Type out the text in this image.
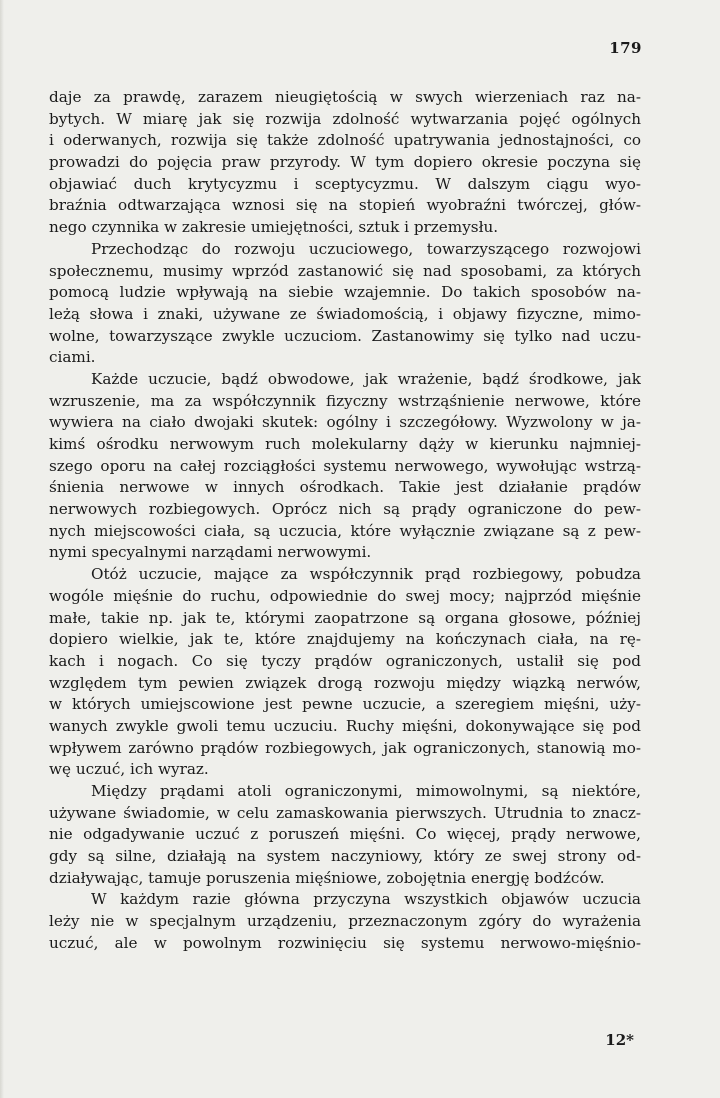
179
daje za prawdę, zarazem nieugiętością w swych wierzeniach raz na-
bytych. W miarę jak się rozwija zdolność wytwarzania pojęć ogólnych
i oderwanych, rozwija się także zdolność upatrywania jednostajności, co
prowadzi do pojęcia praw przyrody. W tym dopiero okresie poczyna się
objawiać duch krytycyzmu i sceptycyzmu. W dalszym ciągu wyo-
braźnia odtwarzająca wznosi się na stopień wyobraźni twórczej, głów-
nego czynnika w zakresie umiejętności, sztuk i przemysłu.
Przechodząc do rozwoju uczuciowego, towarzyszącego rozwojowi
społecznemu, musimy wprzód zastanowić się nad sposobami, za których
pomocą ludzie wpływają na siebie wzajemnie. Do takich sposobów na-
leżą słowa i znaki, używane ze świadomością, i objawy fizyczne, mimo-
wolne, towarzyszące zwykle uczuciom. Zastanowimy się tylko nad uczu-
ciami.
Każde uczucie, bądź obwodowe, jak wrażenie, bądź środkowe, jak
wzruszenie, ma za współczynnik fizyczny wstrząśnienie nerwowe, które
wywiera na ciało dwojaki skutek: ogólny i szczegółowy. Wyzwolony w ja-
kimś ośrodku nerwowym ruch molekularny dąży w kierunku najmniej-
szego oporu na całej rozciągłości systemu nerwowego, wywołując wstrzą-
śnienia nerwowe w innych ośrodkach. Takie jest działanie prądów
nerwowych rozbiegowych. Oprócz nich są prądy ograniczone do pew-
nych miejscowości ciała, są uczucia, które wyłącznie związane są z pew-
nymi specyalnymi narządami nerwowymi.
Otóż uczucie, mające za współczynnik prąd rozbiegowy, pobudza
wogóle mięśnie do ruchu, odpowiednie do swej mocy; najprzód mięśnie
małe, takie np. jak te, którymi zaopatrzone są organa głosowe, później
dopiero wielkie, jak te, które znajdujemy na kończynach ciała, na rę-
kach i nogach. Co się tyczy prądów ograniczonych, ustalił się pod
względem tym pewien związek drogą rozwoju między wiązką nerwów,
w których umiejscowione jest pewne uczucie, a szeregiem mięśni, uży-
wanych zwykle gwoli temu uczuciu. Ruchy mięśni, dokonywające się pod
wpływem zarówno prądów rozbiegowych, jak ograniczonych, stanowią mo-
wę uczuć, ich wyraz.
Między prądami atoli ograniczonymi, mimowolnymi, są niektóre,
używane świadomie, w celu zamaskowania pierwszych. Utrudnia to znacz-
nie odgadywanie uczuć z poruszeń mięśni. Co więcej, prądy nerwowe,
gdy są silne, działają na system naczyniowy, który ze swej strony od-
działywając, tamuje poruszenia mięśniowe, zobojętnia energję bodźców.
W każdym razie główna przyczyna wszystkich objawów uczucia
leży nie w specjalnym urządzeniu, przeznaczonym zgóry do wyrażenia
uczuć, ale w powolnym rozwinięciu się systemu nerwowo-mięśnio-
12*
